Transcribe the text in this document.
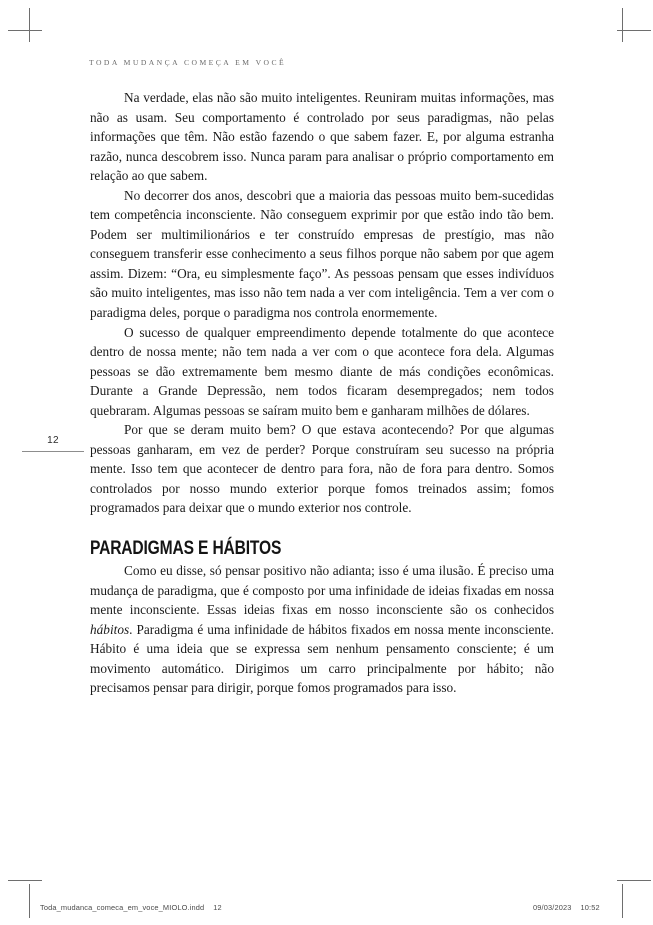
TODA MUDANÇA COMEÇA EM VOCÊ
12

Na verdade, elas não são muito inteligentes. Reuniram muitas informações, mas não as usam. Seu comportamento é controlado por seus paradigmas, não pelas informações que têm. Não estão fazendo o que sabem fazer. E, por alguma estranha razão, nunca descobrem isso. Nunca param para analisar o próprio comportamento em relação ao que sabem.

No decorrer dos anos, descobri que a maioria das pessoas muito bem-sucedidas tem competência inconsciente. Não conseguem exprimir por que estão indo tão bem. Podem ser multimilionários e ter construído empresas de prestígio, mas não conseguem transferir esse conhecimento a seus filhos porque não sabem por que agem assim. Dizem: “Ora, eu simplesmente faço”. As pessoas pensam que esses indivíduos são muito inteligentes, mas isso não tem nada a ver com inteligência. Tem a ver com o paradigma deles, porque o paradigma nos controla enormemente.

O sucesso de qualquer empreendimento depende totalmente do que acontece dentro de nossa mente; não tem nada a ver com o que acontece fora dela. Algumas pessoas se dão extremamente bem mesmo diante de más condições econômicas. Durante a Grande Depressão, nem todos ficaram desempregados; nem todos quebraram. Algumas pessoas se saíram muito bem e ganharam milhões de dólares.

Por que se deram muito bem? O que estava acontecendo? Por que algumas pessoas ganharam, em vez de perder? Porque construíram seu sucesso na própria mente. Isso tem que acontecer de dentro para fora, não de fora para dentro. Somos controlados por nosso mundo exterior porque fomos treinados assim; fomos programados para deixar que o mundo exterior nos controle.

PARADIGMAS E HÁBITOS

Como eu disse, só pensar positivo não adianta; isso é uma ilusão. É preciso uma mudança de paradigma, que é composto por uma infinidade de ideias fixadas em nossa mente inconsciente. Essas ideias fixas em nosso inconsciente são os conhecidos hábitos. Paradigma é uma infinidade de hábitos fixados em nossa mente inconsciente. Hábito é uma ideia que se expressa sem nenhum pensamento consciente; é um movimento automático. Dirigimos um carro principalmente por hábito; não precisamos pensar para dirigir, porque fomos programados para isso.

Toda_mudanca_comeca_em_voce_MIOLO.indd 12	09/03/2023 10:52
